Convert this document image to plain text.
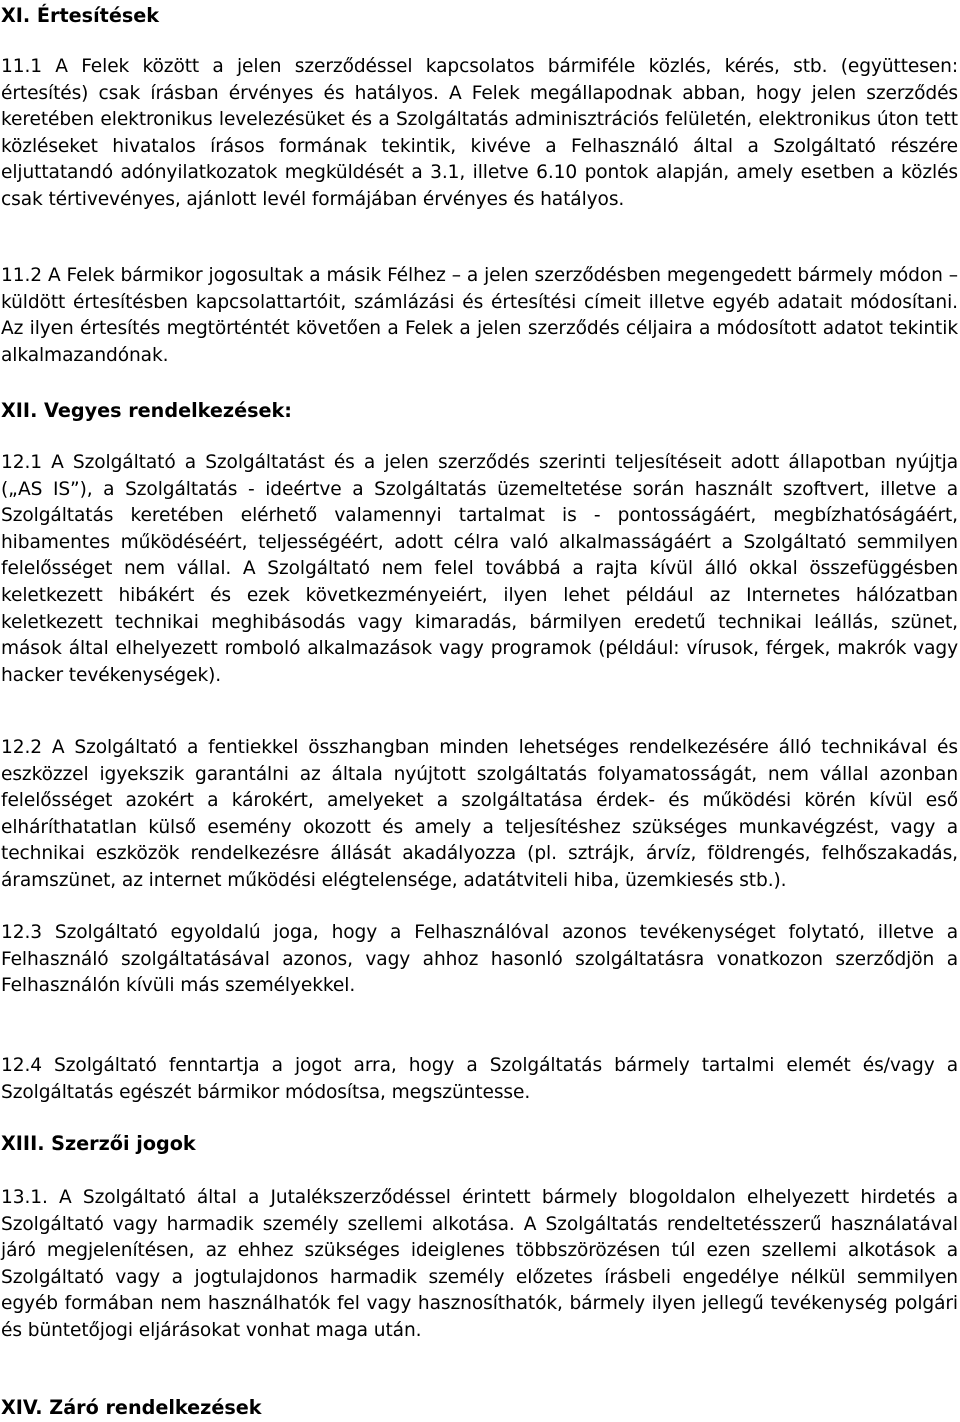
XI. Értesítések

11.1 A Felek között a jelen szerződéssel kapcsolatos bármiféle közlés, kérés, stb. (együttesen: értesítés) csak írásban érvényes és hatályos. A Felek megállapodnak abban, hogy jelen szerződés keretében elektronikus levelezésüket és a Szolgáltatás adminisztrációs felületén, elektronikus úton tett közléseket hivatalos írásos formának tekintik, kivéve a Felhasználó által a Szolgáltató részére eljuttatandó adónyilatkozatok megküldését a 3.1, illetve 6.10 pontok alapján, amely esetben a közlés csak tértivevényes, ajánlott levél formájában érvényes és hatályos.

11.2 A Felek bármikor jogosultak a másik Félhez – a jelen szerződésben megengedett bármely módon – küldött értesítésben kapcsolattartóit, számlázási és értesítési címeit illetve egyéb adatait módosítani. Az ilyen értesítés megtörténtét követően a Felek a jelen szerződés céljaira a módosított adatot tekintik alkalmazandónak.

XII. Vegyes rendelkezések:

12.1 A Szolgáltató a Szolgáltatást és a jelen szerződés szerinti teljesítéseit adott állapotban nyújtja („AS IS”), a Szolgáltatás - ideértve a Szolgáltatás üzemeltetése során használt szoftvert, illetve a Szolgáltatás keretében elérhető valamennyi tartalmat is - pontosságáért, megbízhatóságáért, hibamentes működéséért, teljességéért, adott célra való alkalmasságáért a Szolgáltató semmilyen felelősséget nem vállal. A Szolgáltató nem felel továbbá a rajta kívül álló okkal összefüggésben keletkezett hibákért és ezek következményeiért, ilyen lehet például az Internetes hálózatban keletkezett technikai meghibásodás vagy kimaradás, bármilyen eredetű technikai leállás, szünet, mások által elhelyezett romboló alkalmazások vagy programok (például: vírusok, férgek, makrók vagy hacker tevékenységek).

12.2 A Szolgáltató a fentiekkel összhangban minden lehetséges rendelkezésére álló technikával és eszközzel igyekszik garantálni az általa nyújtott szolgáltatás folyamatosságát, nem vállal azonban felelősséget azokért a károkért, amelyeket a szolgáltatása érdek- és működési körén kívül eső elháríthatatlan külső esemény okozott és amely a teljesítéshez szükséges munkavégzést, vagy a technikai eszközök rendelkezésre állását akadályozza (pl. sztrájk, árvíz, földrengés, felhőszakadás, áramszünet, az internet működési elégtelensége, adatátviteli hiba, üzemkiesés stb.).

12.3 Szolgáltató egyoldalú joga, hogy a Felhasználóval azonos tevékenységet folytató, illetve a Felhasználó szolgáltatásával azonos, vagy ahhoz hasonló szolgáltatásra vonatkozon szerződjön a Felhasználón kívüli más személyekkel.

12.4 Szolgáltató fenntartja a jogot arra, hogy a Szolgáltatás bármely tartalmi elemét és/vagy a Szolgáltatás egészét bármikor módosítsa, megszüntesse.

XIII. Szerzői jogok

13.1. A Szolgáltató által a Jutalékszerződéssel érintett bármely blogoldalon elhelyezett hirdetés a Szolgáltató vagy harmadik személy szellemi alkotása. A Szolgáltatás rendeltetésszerű használatával járó megjelenítésen, az ehhez szükséges ideiglenes többszörözésen túl ezen szellemi alkotások a Szolgáltató vagy a jogtulajdonos harmadik személy előzetes írásbeli engedélye nélkül semmilyen egyéb formában nem használhatók fel vagy hasznosíthatók, bármely ilyen jellegű tevékenység polgári és büntetőjogi eljárásokat vonhat maga után.

XIV. Záró rendelkezések
